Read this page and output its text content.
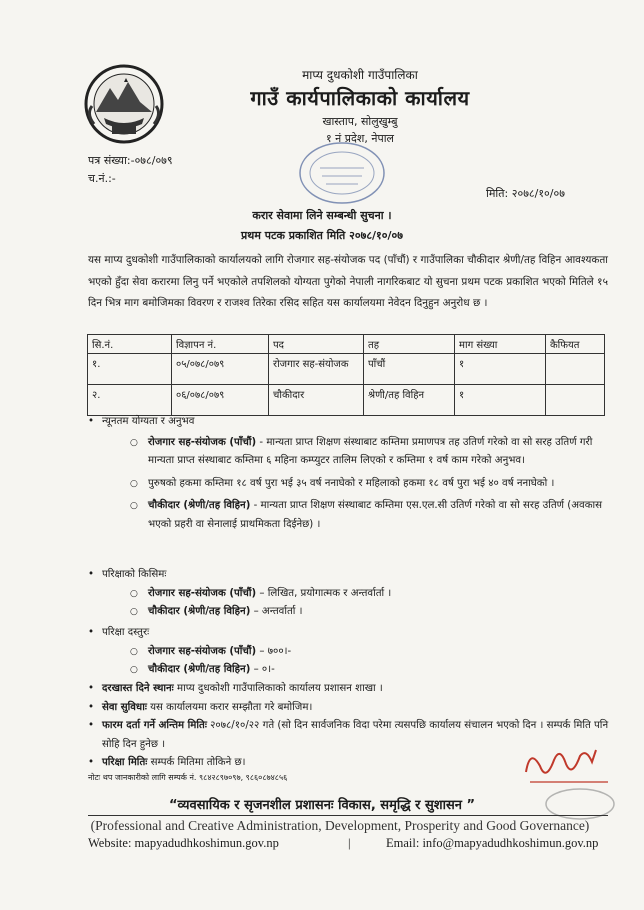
माप्य दुधकोशी गाउँपालिका
गाउँ कार्यपालिकाको कार्यालय
खास्ताप, सोलुखुम्बु
१ नं प्रदेश, नेपाल
पत्र संख्या:-०७८/०७९
च.नं.:-
मिति: २०७८/१०/०७
करार सेवामा लिने सम्बन्धी सुचना ।
प्रथम पटक प्रकाशित मिति २०७८/१०/०७
यस माप्य दुधकोशी गाउँपालिकाको कार्यालयको लागि रोजगार सह-संयोजक पद (पाँचौं) र गाउँपालिका चौकीदार श्रेणी/तह विहिन आवश्यकता भएको हुँदा सेवा करारमा लिनु पर्ने भएकोले तपशिलको योग्यता पुगेको नेपाली नागरिकबाट यो सुचना प्रथम पटक प्रकाशित भएको मितिले १५ दिन भित्र माग बमोजिमका विवरण र राजश्‍व तिरेका रसिद सहित यस कार्यालयमा नेवेदन दिनुहुन अनुरोध छ ।
सि.नं.	विज्ञापन नं.	पद	तह	माग संख्या	कैफियत
१.	०५/०७८/०७९	रोजगार सह-संयोजक	पाँचौं	१	
२.	०६/०७८/०७९	चौकीदार	श्रेणी/तह विहिन	१	
• न्यूनतम योग्यता र अनुभव
○ रोजगार सह-संयोजक (पाँचौं) - मान्यता प्राप्त शिक्षण संस्थाबाट कम्तिमा प्रमाणपत्र तह उतिर्ण गरेको वा सो सरह उतिर्ण गरी मान्यता प्राप्त संस्थाबाट कम्तिमा ६ महिना कम्प्युटर तालिम लिएको र कम्तिमा १ वर्ष काम गरेको अनुभव।
○ पुरुषको हकमा कम्तिमा १८ वर्ष पुरा भई ३५ वर्ष ननाघेको र महिलाको हकमा १८ वर्ष पुरा भई ४० वर्ष ननाघेको ।
○ चौकीदार (श्रेणी/तह विहिन) - मान्यता प्राप्त शिक्षण संस्थाबाट कम्तिमा एस.एल.सी उतिर्ण गरेको वा सो सरह उतिर्ण (अवकास भएको प्रहरी वा सेनालाई प्राथमिकता दिईनेछ) ।
• परिक्षाको किसिमः
○ रोजगार सह-संयोजक (पाँचौं) – लिखित, प्रयोगात्मक र अन्तर्वार्ता ।
○ चौकीदार (श्रेणी/तह विहिन) – अन्तर्वार्ता ।
• परिक्षा दस्तुरः
○ रोजगार सह-संयोजक (पाँचौं) – ७००।-
○ चौकीदार (श्रेणी/तह विहिन) – ०।-
• दरखास्त दिने स्थानः माप्य दुधकोशी गाउँपालिकाको कार्यालय प्रशासन शाखा ।
• सेवा सुविधाः यस कार्यालयमा करार सम्झौता गरे बमोजिम।
• फारम दर्ता गर्ने अन्तिम मितिः २०७८/१०/२२ गते (सो दिन सार्वजनिक विदा परेमा त्यसपछि कार्यालय संचालन भएको दिन । सम्पर्क मिति पनि सोहि दिन हुनेछ ।
• परिक्षा मितिः सम्पर्क मितिमा तोकिने छ।
नोटः थप जानकारीको लागि सम्पर्क नं. ९८४२८९७०९७, ९८६०८७४८५६
“व्यवसायिक र सृजनशील प्रशासनः विकास, समृद्धि र सुशासन ”
(Professional and Creative Administration, Development, Prosperity and Good Governance)
Website: mapyadudhkoshimun.gov.np	|	Email: info@mapyadudhkoshimun.gov.np
